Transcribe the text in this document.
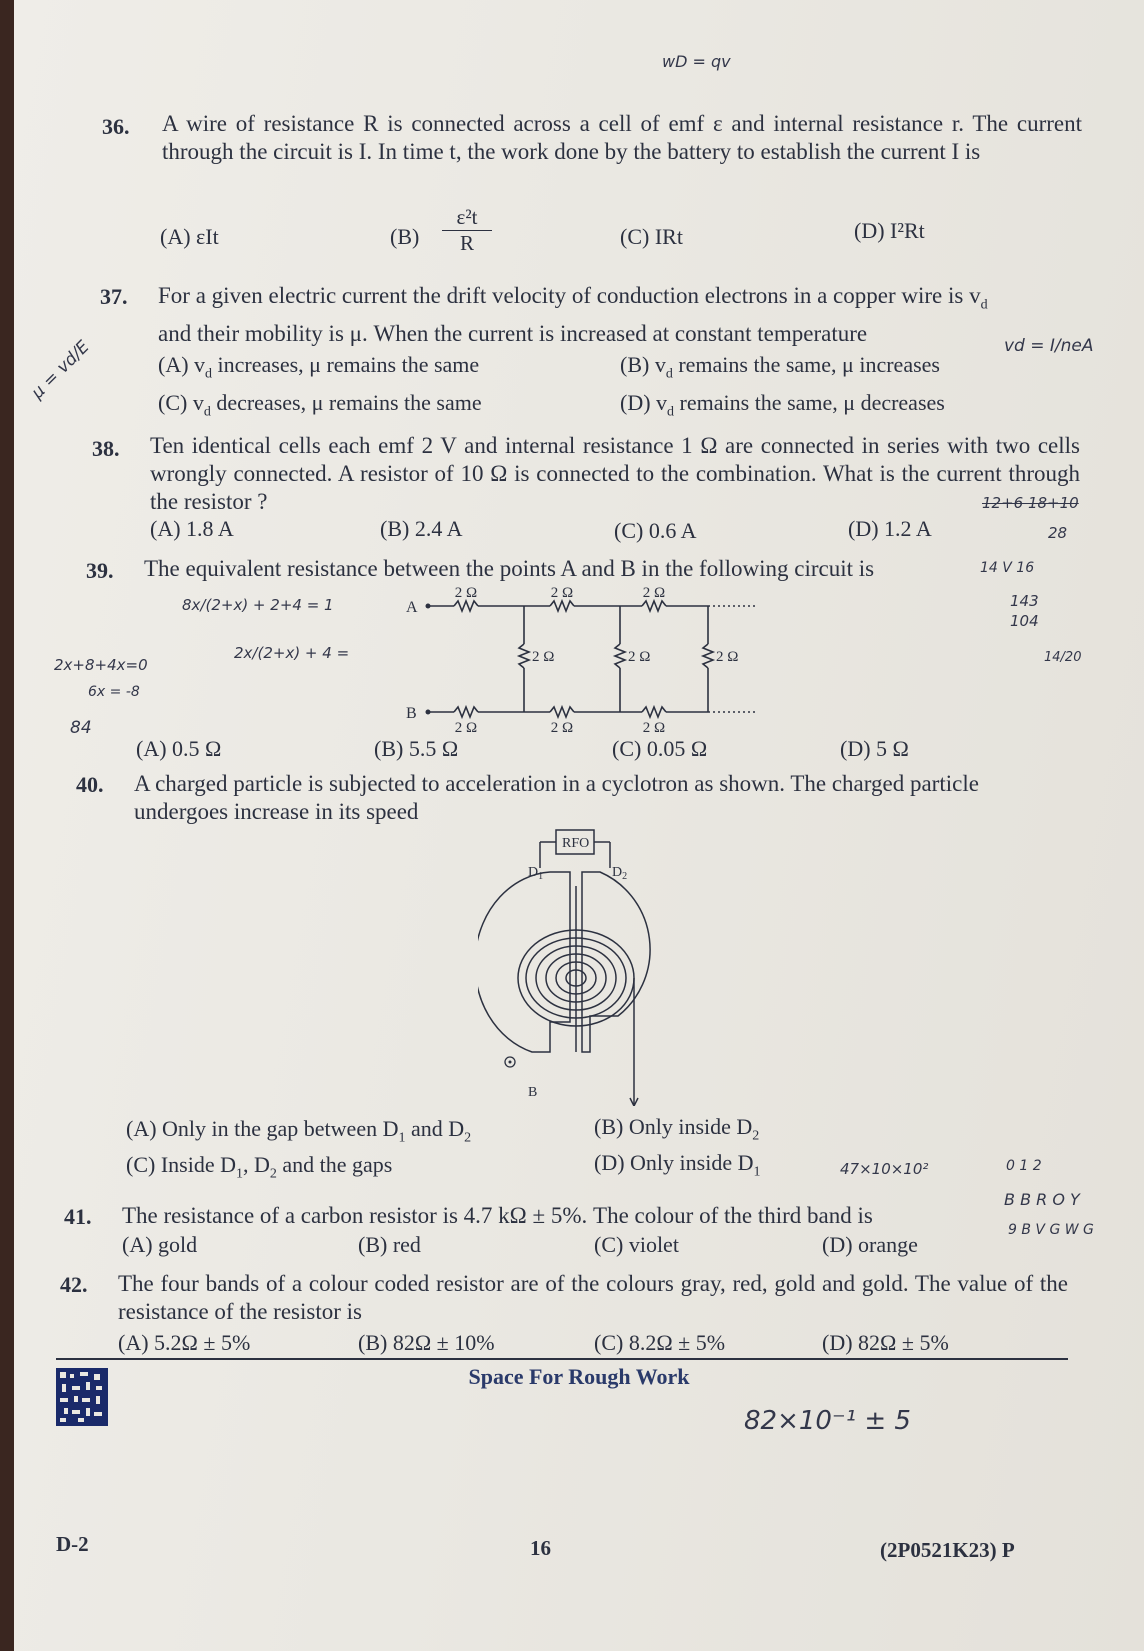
wD = qv
36. A wire of resistance R is connected across a cell of emf ε and internal resistance r. The current through the circuit is I. In time t, the work done by the battery to establish the current I is
(A) εIt	$(B) \frac{\text{ε²t}}{R}$	(C) IRt	(D) I²Rt
37. For a given electric current the drift velocity of conduction electrons in a copper wire is $v_d$
and their mobility is μ. When the current is increased at constant temperature
(A) $v_d$ increases, μ remains the same	(B) $v_d$ remains the same, μ increases
(C) $v_d$ decreases, μ remains the same	(D) $v_d$ remains the same, μ decreases
μ = vd/E	vd = I/neA
38. Ten identical cells each emf 2 V and internal resistance 1 Ω are connected in series with two cells wrongly connected. A resistor of 10 Ω is connected to the combination. What is the current through the resistor ?
(A) 1.8 A	(B) 2.4 A	(C) 0.6 A	(D) 1.2 A
12+6 18+10
28
14 V 16
143
104
14/20
39. The equivalent resistance between the points A and B in the following circuit is
A
B
2 Ω	2 Ω	2 Ω
2 Ω	2 Ω	2 Ω
2 Ω	2 Ω	2 Ω
(A) 0.5 Ω	(B) 5.5 Ω	(C) 0.05 Ω	(D) 5 Ω
8x/(2+x) + 2+4 = 1
2x/(2+x) + 4 =
2x+8+4x=0
6x = -8
84
40. A charged particle is subjected to acceleration in a cyclotron as shown. The charged particle undergoes increase in its speed
RFO
$D_1$	$D_2$
B
(A) Only in the gap between $D_1$ and $D_2$	(B) Only inside $D_2$
(C) Inside $D_1$, $D_2$ and the gaps	(D) Only inside $D_1$
41. The resistance of a carbon resistor is 4.7 kΩ ± 5%. The colour of the third band is
(A) gold	(B) red	(C) violet	(D) orange
47×10×10²	0 1 2
B B R O Y
9 B V G W G
42. The four bands of a colour coded resistor are of the colours gray, red, gold and gold. The value of the resistance of the resistor is
(A) 5.2Ω ± 5%	(B) 82Ω ± 10%	(C) 8.2Ω ± 5%	(D) 82Ω ± 5%
Space For Rough Work
82×10⁻¹ ± 5
D-2	16	(2P0521K23) P
